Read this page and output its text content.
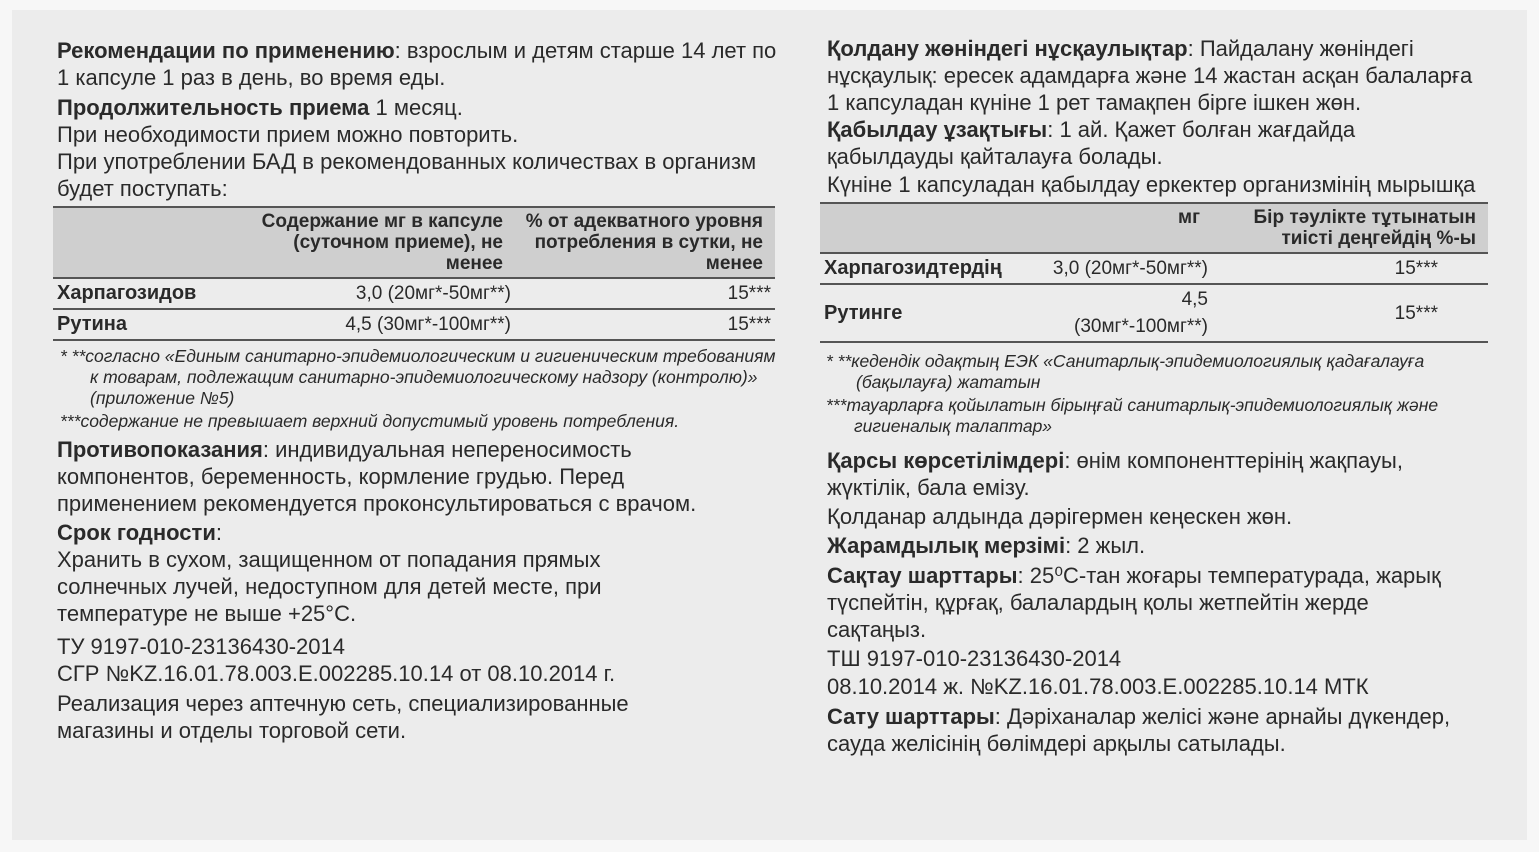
Рекомендации по применению: взрослым и детям старше 14 лет по 1 капсуле 1 раз в день, во время еды.
Продолжительность приема 1 месяц.
При необходимости прием можно повторить.
При употреблении БАД в рекомендованных количествах в организм будет поступать:
	Содержание мг в капсуле (суточном приеме), не менее	% от адекватного уровня потребления в сутки, не менее
Харпагозидов	3,0 (20мг*-50мг**)	15***
Рутина	4,5 (30мг*-100мг**)	15***
* **согласно «Единым санитарно-эпидемиологическим и гигиеническим требованиям к товарам, подлежащим санитарно-эпидемиологическому надзору (контролю)» (приложение №5)
***содержание не превышает верхний допустимый уровень потребления.
Противопоказания: индивидуальная непереносимость компонентов, беременность, кормление грудью. Перед применением рекомендуется проконсультироваться с врачом.
Срок годности:
Хранить в сухом, защищенном от попадания прямых солнечных лучей, недоступном для детей месте, при температуре не выше +25°С.
ТУ 9197-010-23136430-2014
СГР №KZ.16.01.78.003.E.002285.10.14 от 08.10.2014 г.
Реализация через аптечную сеть, специализированные магазины и отделы торговой сети.
Қолдану жөніндегі нұсқаулықтар: Пайдалану жөніндегі нұсқаулық: ересек адамдарға және 14 жастан асқан балаларға 1 капсуладан күніне 1 рет тамақпен бірге ішкен жөн.
Қабылдау ұзақтығы: 1 ай. Қажет болған жағдайда қабылдауды қайталауға болады.
Күніне 1 капсуладан қабылдау еркектер организмінің мырышқа
	мг	Бір тәулікте тұтынатын тиісті деңгейдің %-ы
Харпагозидтердің	3,0 (20мг*-50мг**)	15***
Рутинге	4,5 (30мг*-100мг**)	15***
* **кедендік одақтың ЕЭК «Санитарлық-эпидемиологиялық қадағалауға (бақылауға) жататын
***тауарларға қойылатын бірыңғай санитарлық-эпидемиологиялық және гигиеналық талаптар»
Қарсы көрсетілімдері: өнім компоненттерінің жақпауы, жүктілік, бала емізу.
Қолданар алдында дәрігермен кеңескен жөн.
Жарамдылық мерзімі: 2 жыл.
Сақтау шарттары: 25⁰С-тан жоғары температурада, жарық түспейтін, құрғақ, балалардың қолы жетпейтін жерде сақтаңыз.
ТШ 9197-010-23136430-2014
08.10.2014 ж. №KZ.16.01.78.003.E.002285.10.14 МТК
Сату шарттары: Дәріханалар желісі және арнайы дүкендер, сауда желісінің бөлімдері арқылы сатылады.
